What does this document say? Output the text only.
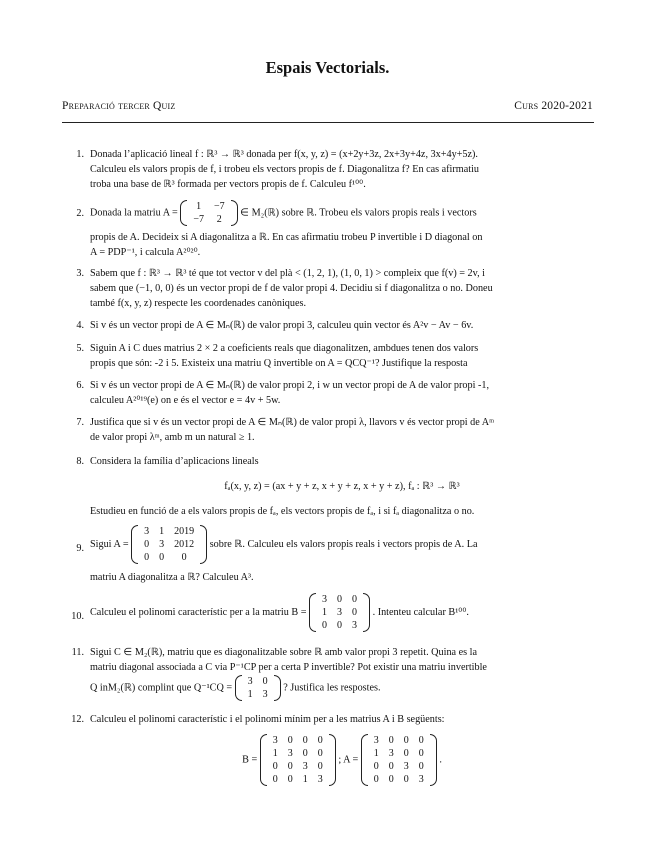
Espais Vectorials.
Preparació tercer Quiz	Curs 2020-2021
1. Donada l’aplicació lineal f : ℝ³ → ℝ³ donada per f(x, y, z) = (x+2y+3z, 2x+3y+4z, 3x+4y+5z).
Calculeu els valors propis de f, i trobeu els vectors propis de f. Diagonalitza f? En cas afirmatiu
troba una base de ℝ³ formada per vectors propis de f. Calculeu f¹⁰⁰.
2. Donada la matriu A =
1	−7
−7	2
∈ M₂(ℝ) sobre ℝ. Trobeu els valors propis reals i vectors
propis de A. Decideix si A diagonalitza a ℝ. En cas afirmatiu trobeu P invertible i D diagonal on
A = PDP⁻¹, i calcula A²⁰²⁰.
3. Sabem que f : ℝ³ → ℝ³ té que tot vector v del plà < (1, 2, 1), (1, 0, 1) > compleix que f(v) = 2v, i
sabem que (−1, 0, 0) és un vector propi de f de valor propi 4. Decidiu si f diagonalitza o no. Doneu
també f(x, y, z) respecte les coordenades canòniques.
4. Si v és un vector propi de A ∈ Mₙ(ℝ) de valor propi 3, calculeu quin vector és A²v − Av − 6v.
5. Siguin A i C dues matrius 2 × 2 a coeficients reals que diagonalitzen, ambdues tenen dos valors
propis que són: -2 i 5. Existeix una matriu Q invertible on A = QCQ⁻¹? Justifique la resposta
6. Si v és un vector propi de A ∈ Mₙ(ℝ) de valor propi 2, i w un vector propi de A de valor propi -1,
calculeu A²⁰¹⁹(e) on e és el vector e = 4v + 5w.
7. Justifica que si v és un vector propi de A ∈ Mₙ(ℝ) de valor propi λ, llavors v és vector propi de Aᵐ
de valor propi λᵐ, amb m un natural ≥ 1.
8. Considera la família d’aplicacions lineals
fₐ(x, y, z) = (ax + y + z, x + y + z, x + y + z), fₐ : ℝ³ → ℝ³
Estudieu en funció de a els valors propis de fₐ, els vectors propis de fₐ, i si fₐ diagonalitza o no.
9. Sigui A =
3	1	2019
0	3	2012
0	0	0
sobre ℝ. Calculeu els valors propis reals i vectors propis de A. La
matriu A diagonalitza a ℝ? Calculeu A³.
10. Calculeu el polinomi característic per a la matriu B =
3	0	0
1	3	0
0	0	3
. Intenteu calcular B¹⁰⁰.
11. Sigui C ∈ M₂(ℝ), matriu que es diagonalitzable sobre ℝ amb valor propi 3 repetit. Quina es la
matriu diagonal associada a C via P⁻¹CP per a certa P invertible? Pot existir una matriu invertible
Q inM₂(ℝ) complint que Q⁻¹CQ =
3	0
1	3
? Justifica les respostes.
12. Calculeu el polinomi característic i el polinomi mínim per a les matrius A i B següents:
B =
3	0	0	0
1	3	0	0
0	0	3	0
0	0	1	3
; A =
3	0	0	0
1	3	0	0
0	0	3	0
0	0	0	3
.
